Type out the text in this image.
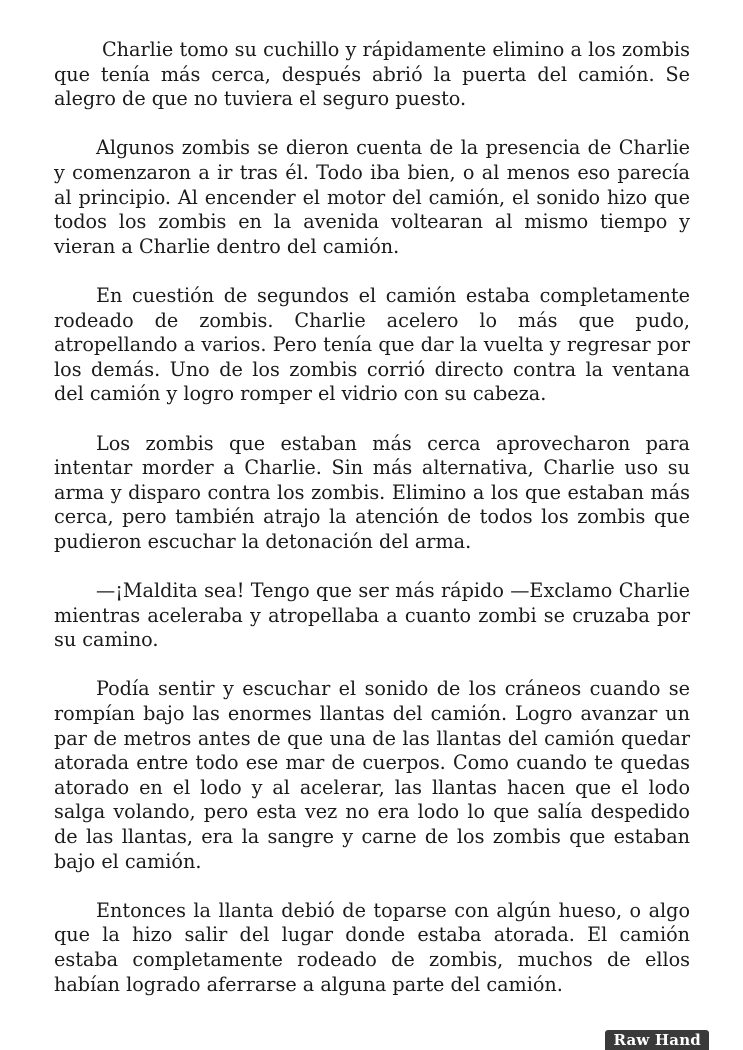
Charlie tomo su cuchillo y rápidamente elimino a los zombis que tenía más cerca, después abrió la puerta del camión. Se alegro de que no tuviera el seguro puesto.

Algunos zombis se dieron cuenta de la presencia de Charlie y comenzaron a ir tras él. Todo iba bien, o al menos eso parecía al principio. Al encender el motor del camión, el sonido hizo que todos los zombis en la avenida voltearan al mismo tiempo y vieran a Charlie dentro del camión.

En cuestión de segundos el camión estaba completamente rodeado de zombis. Charlie acelero lo más que pudo, atropellando a varios. Pero tenía que dar la vuelta y regresar por los demás. Uno de los zombis corrió directo contra la ventana del camión y logro romper el vidrio con su cabeza.

Los zombis que estaban más cerca aprovecharon para intentar morder a Charlie. Sin más alternativa, Charlie uso su arma y disparo contra los zombis. Elimino a los que estaban más cerca, pero también atrajo la atención de todos los zombis que pudieron escuchar la detonación del arma.

—¡Maldita sea! Tengo que ser más rápido —Exclamo Charlie mientras aceleraba y atropellaba a cuanto zombi se cruzaba por su camino.

Podía sentir y escuchar el sonido de los cráneos cuando se rompían bajo las enormes llantas del camión. Logro avanzar un par de metros antes de que una de las llantas del camión quedar atorada entre todo ese mar de cuerpos. Como cuando te quedas atorado en el lodo y al acelerar, las llantas hacen que el lodo salga volando, pero esta vez no era lodo lo que salía despedido de las llantas, era la sangre y carne de los zombis que estaban bajo el camión.

Entonces la llanta debió de toparse con algún hueso, o algo que la hizo salir del lugar donde estaba atorada. El camión estaba completamente rodeado de zombis, muchos de ellos habían logrado aferrarse a alguna parte del camión.

Raw Hand
